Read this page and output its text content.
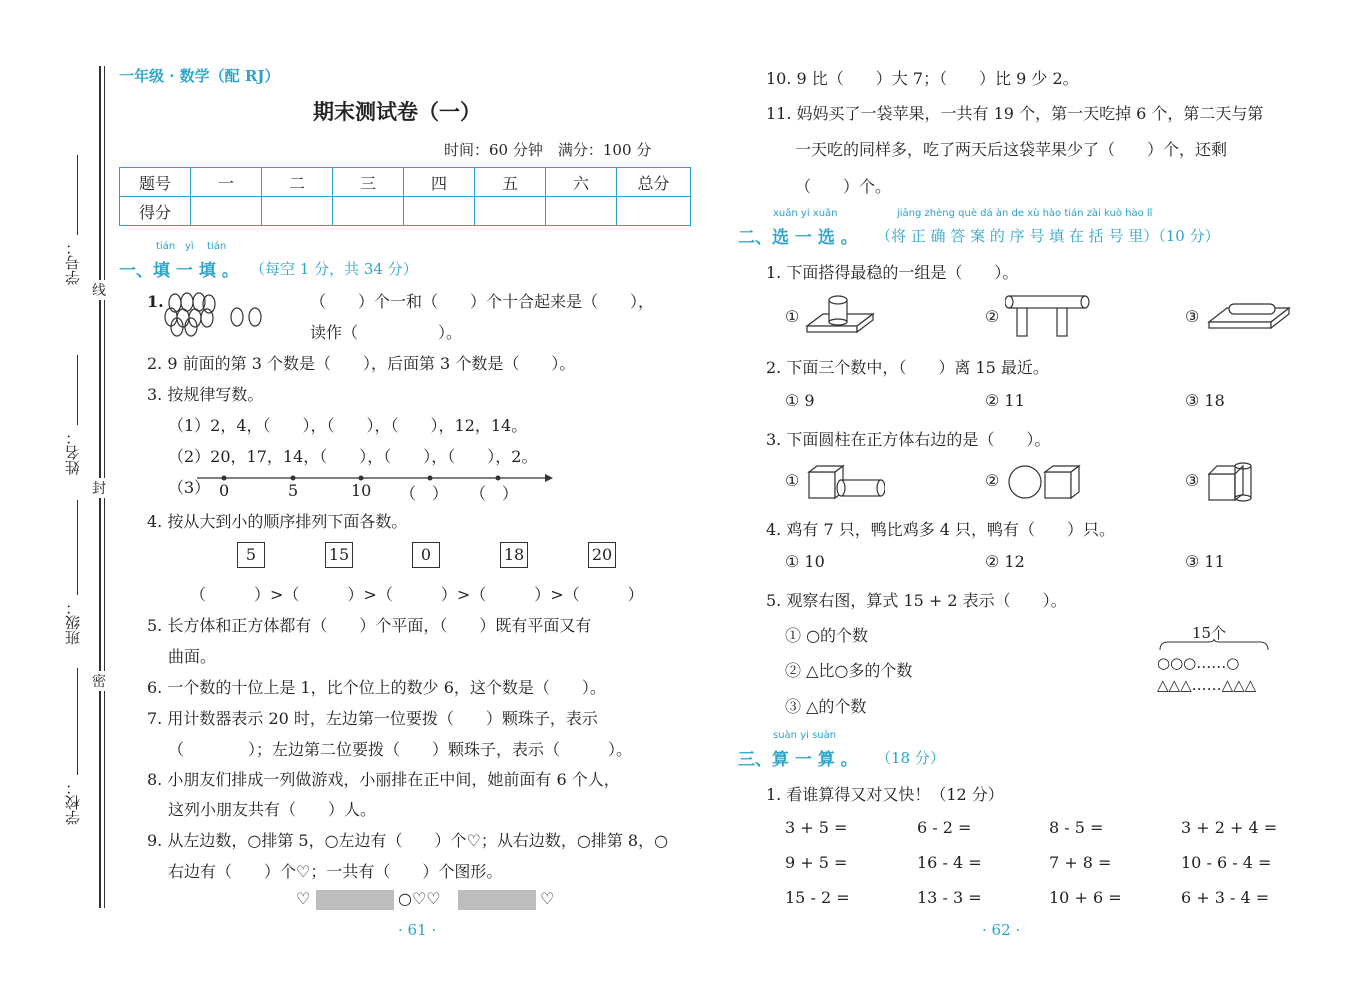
学号：
姓名：
班级：
学校：
线
封
密
一年级 · 数学（配 RJ）
期末测试卷（一）
时间：60 分钟　满分：100 分
题号	一	二	三	四	五	六	总分
得分							
tián yì tián
一、填 一 填 。 （每空 1 分，共 34 分）
1.	（　　）个一和（　　）个十合起来是（　　），
读作（　　　　　）。
2. 9 前面的第 3 个数是（　　），后面第 3 个数是（　　）。
3. 按规律写数。
（1）2，4，（　　），（　　），（　　），12，14。
（2）20，17，14，（　　），（　　），（　　），2。
（3） 0	5	10 （　） （　）
4. 按从大到小的顺序排列下面各数。
5	15	0	18	20
（　　　）>（　　　）>（　　　）>（　　　）>（　　　）
5. 长方体和正方体都有（　　）个平面，（　　）既有平面又有
曲面。
6. 一个数的十位上是 1，比个位上的数少 6，这个数是（　　）。
7. 用计数器表示 20 时，左边第一位要拨（　　）颗珠子，表示
（　　　　）；左边第二位要拨（　　）颗珠子，表示（　　　）。
8. 小朋友们排成一列做游戏，小丽排在正中间，她前面有 6 个人，
这列小朋友共有（　　）人。
9. 从左边数，○排第 5，○左边有（　　）个♡；从右边数，○排第 8，○
右边有（　　）个♡；一共有（　　）个图形。
♡	○♡♡	♡
· 61 ·
10. 9 比（　　）大 7；（　　）比 9 少 2。
11. 妈妈买了一袋苹果，一共有 19 个，第一天吃掉 6 个，第二天与第
一天吃的同样多，吃了两天后这袋苹果少了（　　）个，还剩
（　　）个。
xuǎn yi xuǎn	jiāng zhèng què dá àn de xù hào tián zài kuò hào lǐ
二、选 一 选 。 （将 正 确 答 案 的 序 号 填 在 括 号 里）（10 分）
1. 下面搭得最稳的一组是（　　）。
①	②	③
2. 下面三个数中，（　　）离 15 最近。
① 9	② 11	③ 18
3. 下面圆柱在正方体右边的是（　　）。
①	②	③
4. 鸡有 7 只，鸭比鸡多 4 只，鸭有（　　）只。
① 10	② 12	③ 11
5. 观察右图，算式 15 + 2 表示（　　）。
① ○的个数
② △比○多的个数
③ △的个数
15个
○○○……○
△△△……△△△
suàn yi suàn
三、算 一 算 。 （18 分）
1. 看谁算得又对又快！（12 分）
3 + 5 =	6 - 2 =	8 - 5 =	3 + 2 + 4 =
9 + 5 =	16 - 4 =	7 + 8 =	10 - 6 - 4 =
15 - 2 =	13 - 3 =	10 + 6 =	6 + 3 - 4 =
· 62 ·
